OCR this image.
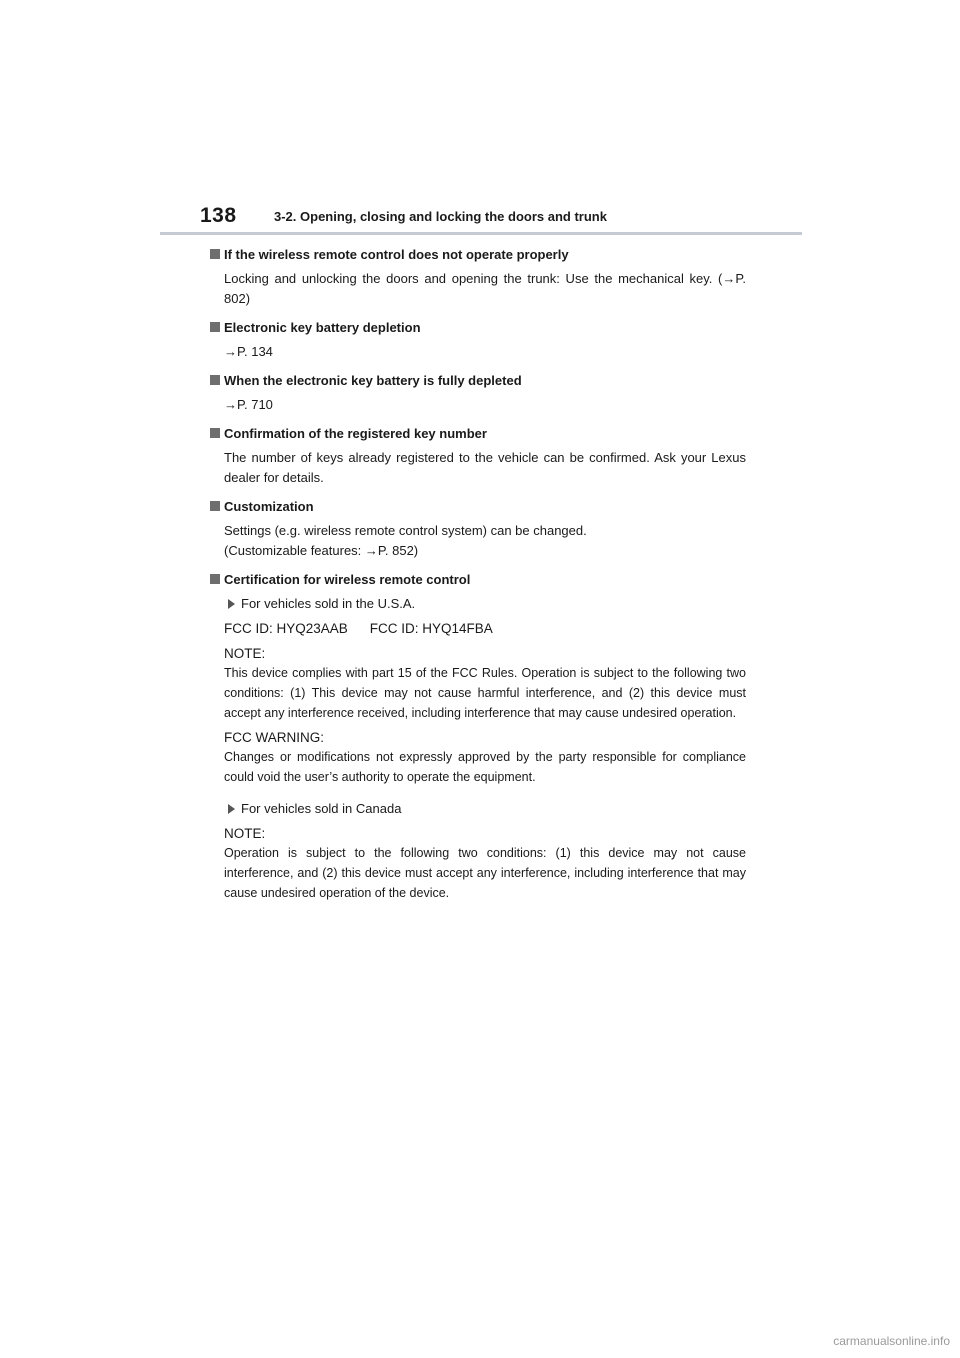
138	3-2. Opening, closing and locking the doors and trunk
If the wireless remote control does not operate properly
Locking and unlocking the doors and opening the trunk: Use the mechanical key. (→P. 802)
Electronic key battery depletion
→P. 134
When the electronic key battery is fully depleted
→P. 710
Confirmation of the registered key number
The number of keys already registered to the vehicle can be confirmed. Ask your Lexus dealer for details.
Customization
Settings (e.g. wireless remote control system) can be changed.
(Customizable features: →P. 852)
Certification for wireless remote control
For vehicles sold in the U.S.A.
FCC ID: HYQ23AAB FCC ID: HYQ14FBA
NOTE:
This device complies with part 15 of the FCC Rules. Operation is subject to the following two conditions: (1) This device may not cause harmful interference, and (2) this device must accept any interference received, including interference that may cause undesired operation.
FCC WARNING:
Changes or modifications not expressly approved by the party responsible for compliance could void the user’s authority to operate the equipment.
For vehicles sold in Canada
NOTE:
Operation is subject to the following two conditions: (1) this device may not cause interference, and (2) this device must accept any interference, including interference that may cause undesired operation of the device.
carmanualsonline.info
